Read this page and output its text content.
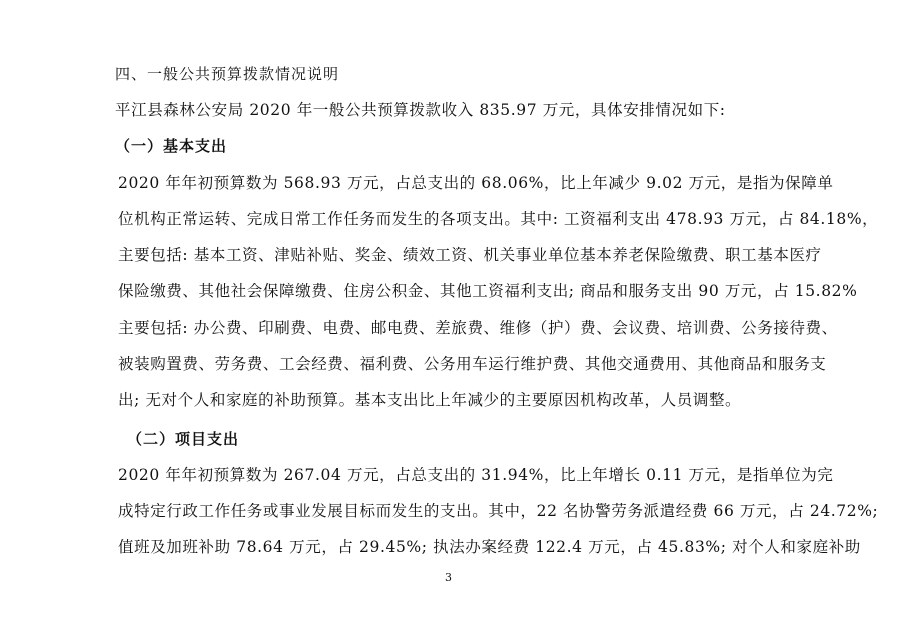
四、一般公共预算拨款情况说明
平江县森林公安局 2020 年一般公共预算拨款收入 835.97 万元，具体安排情况如下:
（一）基本支出
2020 年年初预算数为 568.93 万元，占总支出的 68.06%，比上年减少 9.02 万元，是指为保障单
位机构正常运转、完成日常工作任务而发生的各项支出。其中: 工资福利支出 478.93 万元，占 84.18%，
主要包括: 基本工资、津贴补贴、奖金、绩效工资、机关事业单位基本养老保险缴费、职工基本医疗
保险缴费、其他社会保障缴费、住房公积金、其他工资福利支出; 商品和服务支出 90 万元，占 15.82%
主要包括: 办公费、印刷费、电费、邮电费、差旅费、维修（护）费、会议费、培训费、公务接待费、
被装购置费、劳务费、工会经费、福利费、公务用车运行维护费、其他交通费用、其他商品和服务支
出; 无对个人和家庭的补助预算。基本支出比上年减少的主要原因机构改革，人员调整。
（二）项目支出
2020 年年初预算数为 267.04 万元，占总支出的 31.94%，比上年增长 0.11 万元，是指单位为完
成特定行政工作任务或事业发展目标而发生的支出。其中，22 名协警劳务派遣经费 66 万元，占 24.72%;
值班及加班补助 78.64 万元，占 29.45%; 执法办案经费 122.4 万元，占 45.83%; 对个人和家庭补助
3
